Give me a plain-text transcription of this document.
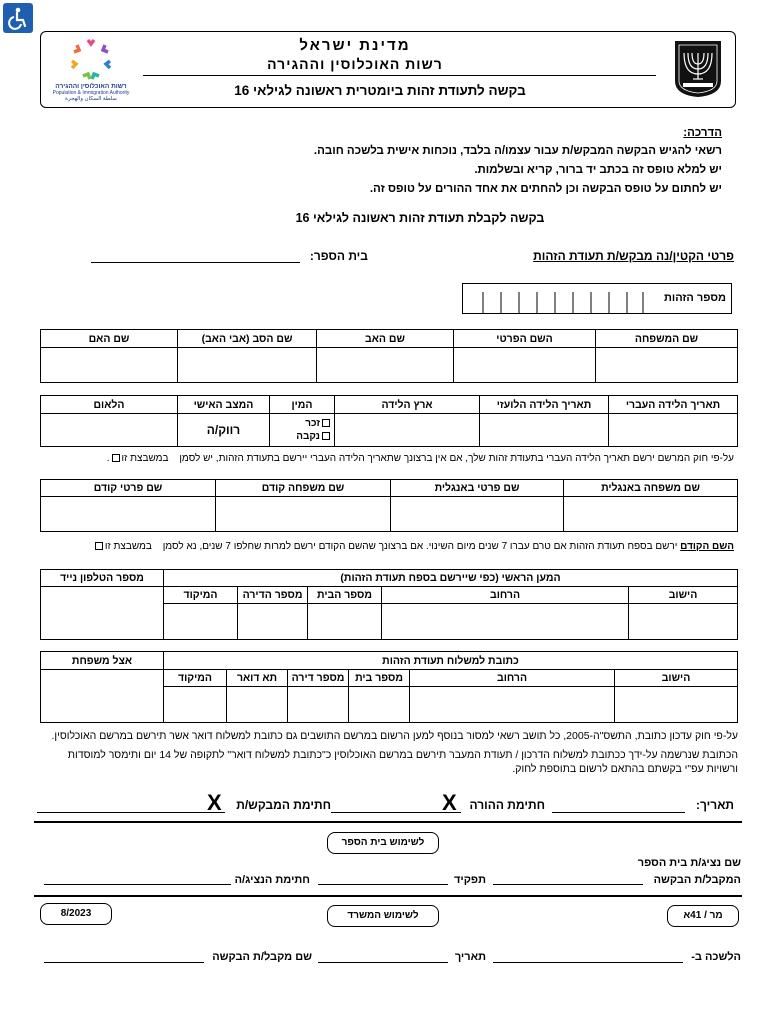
מדינת ישראל
רשות האוכלוסין וההגירה
בקשה לתעודת זהות ביומטרית ראשונה לגילאי 16
רשות האוכלוסין וההגירה
Population & Immigration Authority
سلطة السكان والهجرة
הדרכה:
רשאי להגיש הבקשה המבקש/ת עבור עצמו/ה בלבד, נוכחות אישית בלשכה חובה.
יש למלא טופס זה בכתב יד ברור, קריא ובשלמות.
יש לחתום על טופס הבקשה וכן להחתים את אחד ההורים על טופס זה.
בקשה לקבלת תעודת זהות ראשונה לגילאי 16
פרטי הקטין/נה מבקש/ת תעודת הזהות
בית הספר:
מספר הזהות
שם המשפחה	השם הפרטי	שם האב	שם הסב (אבי האב)	שם האם

תאריך הלידה העברי	תאריך הלידה הלועזי	ארץ הלידה	המין	המצב האישי	הלאום

			זכר
נקבה	רווק/ה	
על-פי חוק המרשם ירשם תאריך הלידה העברי בתעודת זהות שלך, אם אין ברצונך שתאריך הלידה העברי יירשם בתעודת הזהות, יש לסמן במשבצת זו.
שם משפחה באנגלית	שם פרטי באנגלית	שם משפחה קודם	שם פרטי קודם

השם הקודם ירשם בספח תעודת הזהות אם טרם עברו 7 שנים מיום השינוי. אם ברצונך שהשם הקודם ירשם למרות שחלפו 7 שנים, נא לסמן במשבצת זו
המען הראשי (כפי שיירשם בספח תעודת הזהות)					מספר הטלפון נייד
הישוב	הרחוב	מספר הבית	מספר הדירה	המיקוד	

כתובת למשלוח תעודת הזהות						אצל משפחת
הישוב	הרחוב	מספר בית	מספר דירה	תא דואר	המיקוד	

על-פי חוק עדכון כתובת, התשס"ה-2005, כל תושב רשאי למסור בנוסף למען הרשום במרשם התושבים גם כתובת למשלוח דואר אשר תירשם במרשם האוכלוסין.
הכתובת שנרשמה על-ידך ככתובת למשלוח הדרכון / תעודת המעבר תירשם במרשם האוכלוסין כ"כתובת למשלוח דואר" לתקופה של 14 יום ותימסר למוסדות ורשויות עפ"י בקשתם בהתאם לרשום בתוספת לחוק.
תאריך:
חתימת ההורה
X
חתימת המבקש/ת
X
לשימוש בית הספר
שם נציג/ת בית הספר
המקבל/ת הבקשה
תפקיד
חתימת הנציג/ה
מר / 41א
לשימוש המשרד
8/2023
הלשכה ב-
תאריך
שם מקבל/ת הבקשה
